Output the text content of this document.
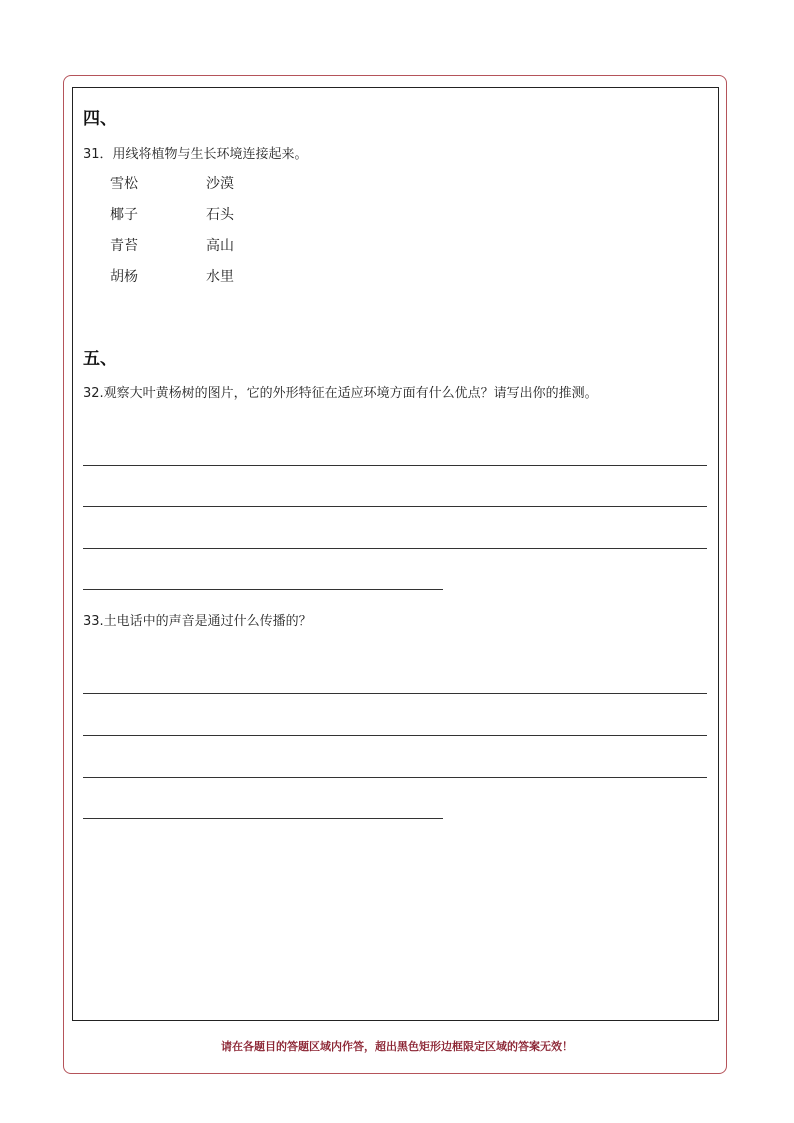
四、
31．用线将植物与生长环境连接起来。
雪松	沙漠
椰子	石头
青苔	高山
胡杨	水里
五、
32.观察大叶黄杨树的图片，它的外形特征在适应环境方面有什么优点？请写出你的推测。
33.土电话中的声音是通过什么传播的？
请在各题目的答题区域内作答，超出黑色矩形边框限定区域的答案无效！
